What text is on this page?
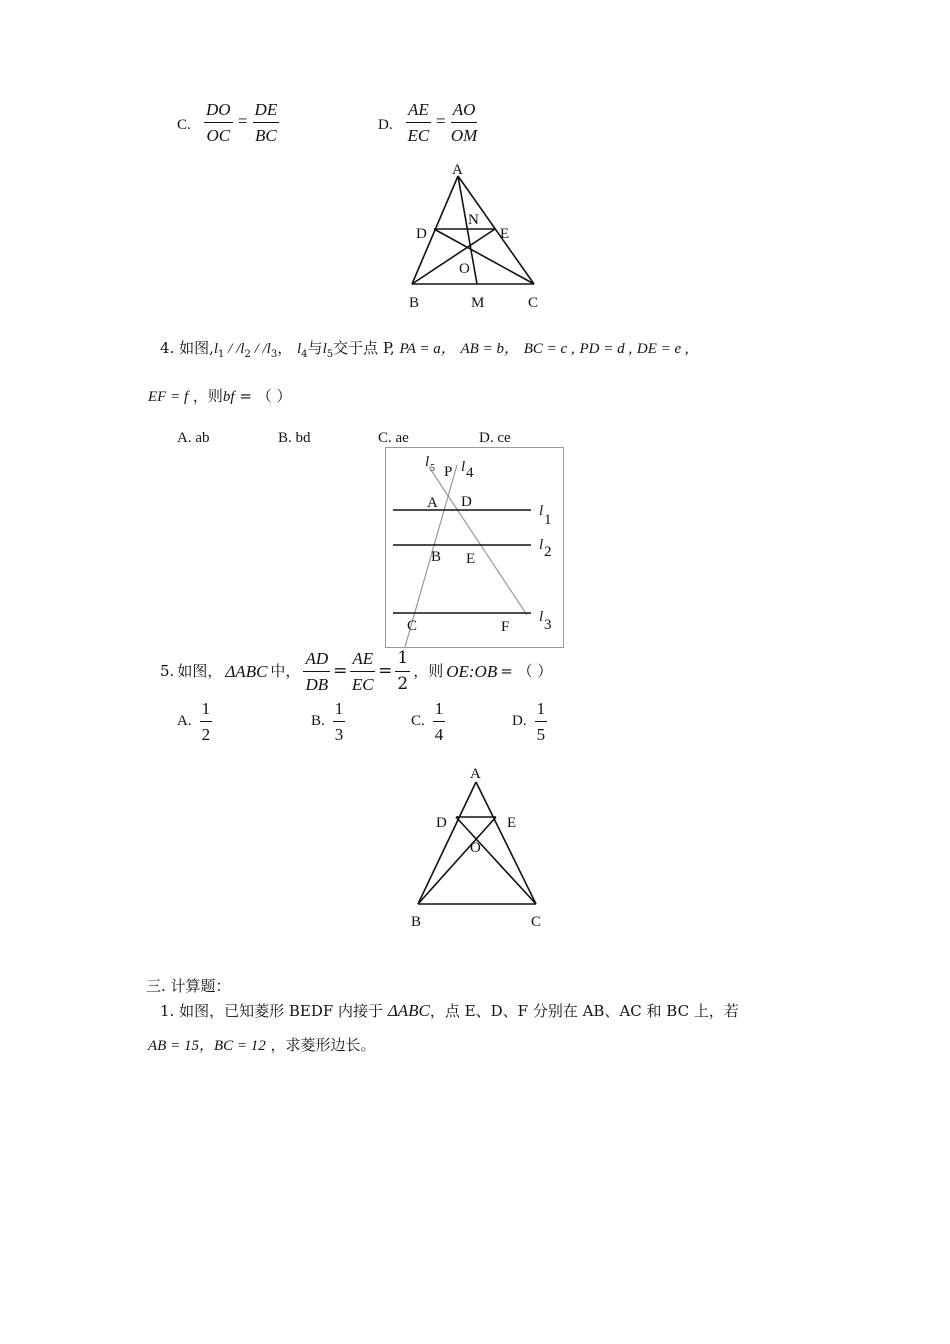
C. $\frac{DO}{OC} = \frac{DE}{BC}$	D. $\frac{AE}{EC} = \frac{AO}{OM}$
A
N
D	E
O
B	M	C
4. 如图$,l_1 / /l_2 / /l_3$， $l_4$与$l_5$交于点 P, PA = a， AB = b， BC = c , PD = d , DE = e ,
EF = f ，则bf = （ ）
A. ab	B. bd	C. ae	D. ce
l 5 P l 4
A D
l
1
l 2
B E
C	F
l 3
5. 如图， ΔABC 中， $\frac{AD}{DB} = \frac{AE}{EC} = \frac{1}{2}$ ，则 OE:OB = （ ）
A. $\frac{1}{2}$	B. $\frac{1}{3}$	C. $\frac{1}{4}$	D. $\frac{1}{5}$
A
D	E
O
B	C
三. 计算题：
1. 如图，已知菱形 BEDF 内接于 ΔABC，点 E、D、F 分别在 AB、AC 和 BC 上，若
AB = 15，BC = 12 ，求菱形边长。
